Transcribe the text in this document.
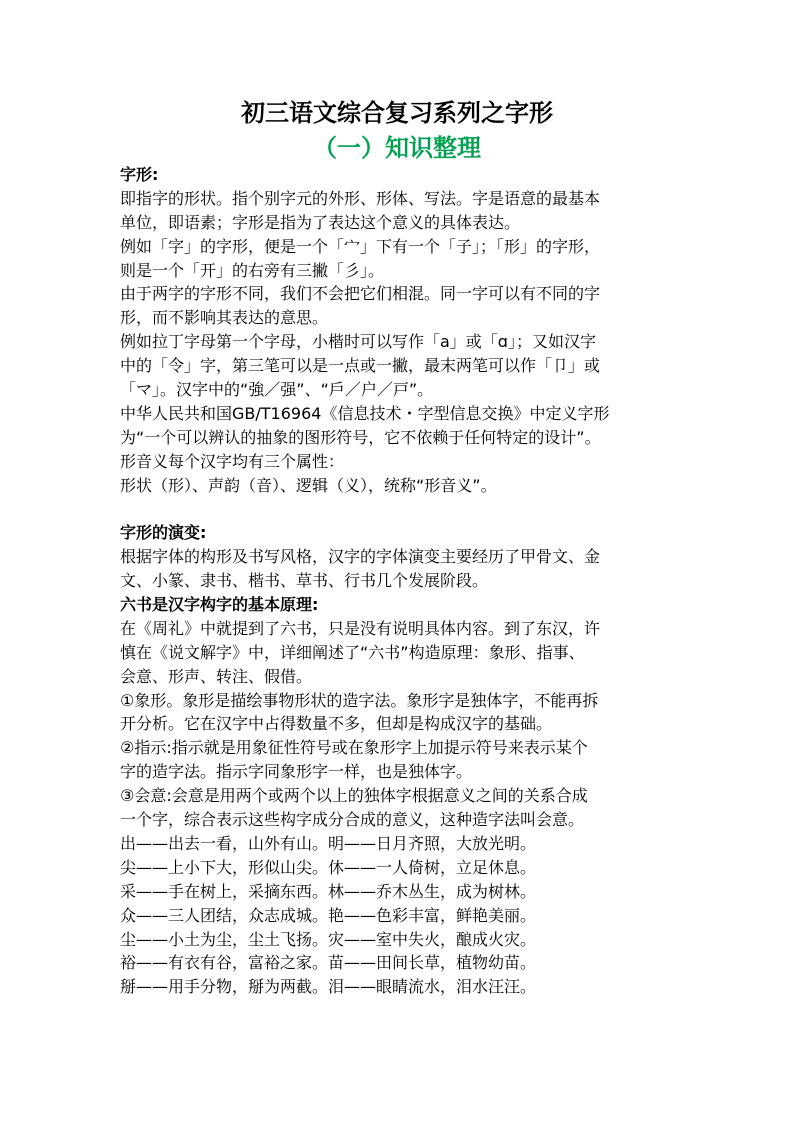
初三语文综合复习系列之字形
（一）知识整理
字形:
即指字的形状。指个别字元的外形、形体、写法。字是语意的最基本
单位，即语素；字形是指为了表达这个意义的具体表达。
例如「字」的字形，便是一个「宀」下有一个「子」；「形」的字形，
则是一个「开」的右旁有三撇「彡」。
由于两字的字形不同，我们不会把它们相混。同一字可以有不同的字
形，而不影响其表达的意思。
例如拉丁字母第一个字母，小楷时可以写作「a」或「ɑ」；又如汉字
中的「令」字，第三笔可以是一点或一撇，最末两笔可以作「卩」或
「マ」。汉字中的“強／强”、“戶／户／戸”。
中华人民共和国GB/T16964《信息技术・字型信息交换》中定义字形
为“一个可以辨认的抽象的图形符号，它不依赖于任何特定的设计”。
形音义每个汉字均有三个属性：
形状（形）、声韵（音）、逻辑（义），统称“形音义”。
字形的演变:
根据字体的构形及书写风格，汉字的字体演变主要经历了甲骨文、金
文、小篆、隶书、楷书、草书、行书几个发展阶段。
六书是汉字构字的基本原理:
在《周礼》中就提到了六书，只是没有说明具体内容。到了东汉，许
慎在《说文解字》中，详细阐述了“六书”构造原理：象形、指事、
会意、形声、转注、假借。
①象形。象形是描绘事物形状的造字法。象形字是独体字，不能再拆
开分析。它在汉字中占得数量不多，但却是构成汉字的基础。
②指示:指示就是用象征性符号或在象形字上加提示符号来表示某个
字的造字法。指示字同象形字一样，也是独体字。
③会意:会意是用两个或两个以上的独体字根据意义之间的关系合成
一个字，综合表示这些构字成分合成的意义，这种造字法叫会意。
出——出去一看，山外有山。明——日月齐照，大放光明。
尖——上小下大，形似山尖。休——一人倚树，立足休息。
采——手在树上，采摘东西。林——乔木丛生，成为树林。
众——三人团结，众志成城。艳——色彩丰富，鲜艳美丽。
尘——小土为尘，尘土飞扬。灾——室中失火，酿成火灾。
裕——有衣有谷，富裕之家。苗——田间长草，植物幼苗。
掰——用手分物，掰为两截。泪——眼睛流水，泪水汪汪。
